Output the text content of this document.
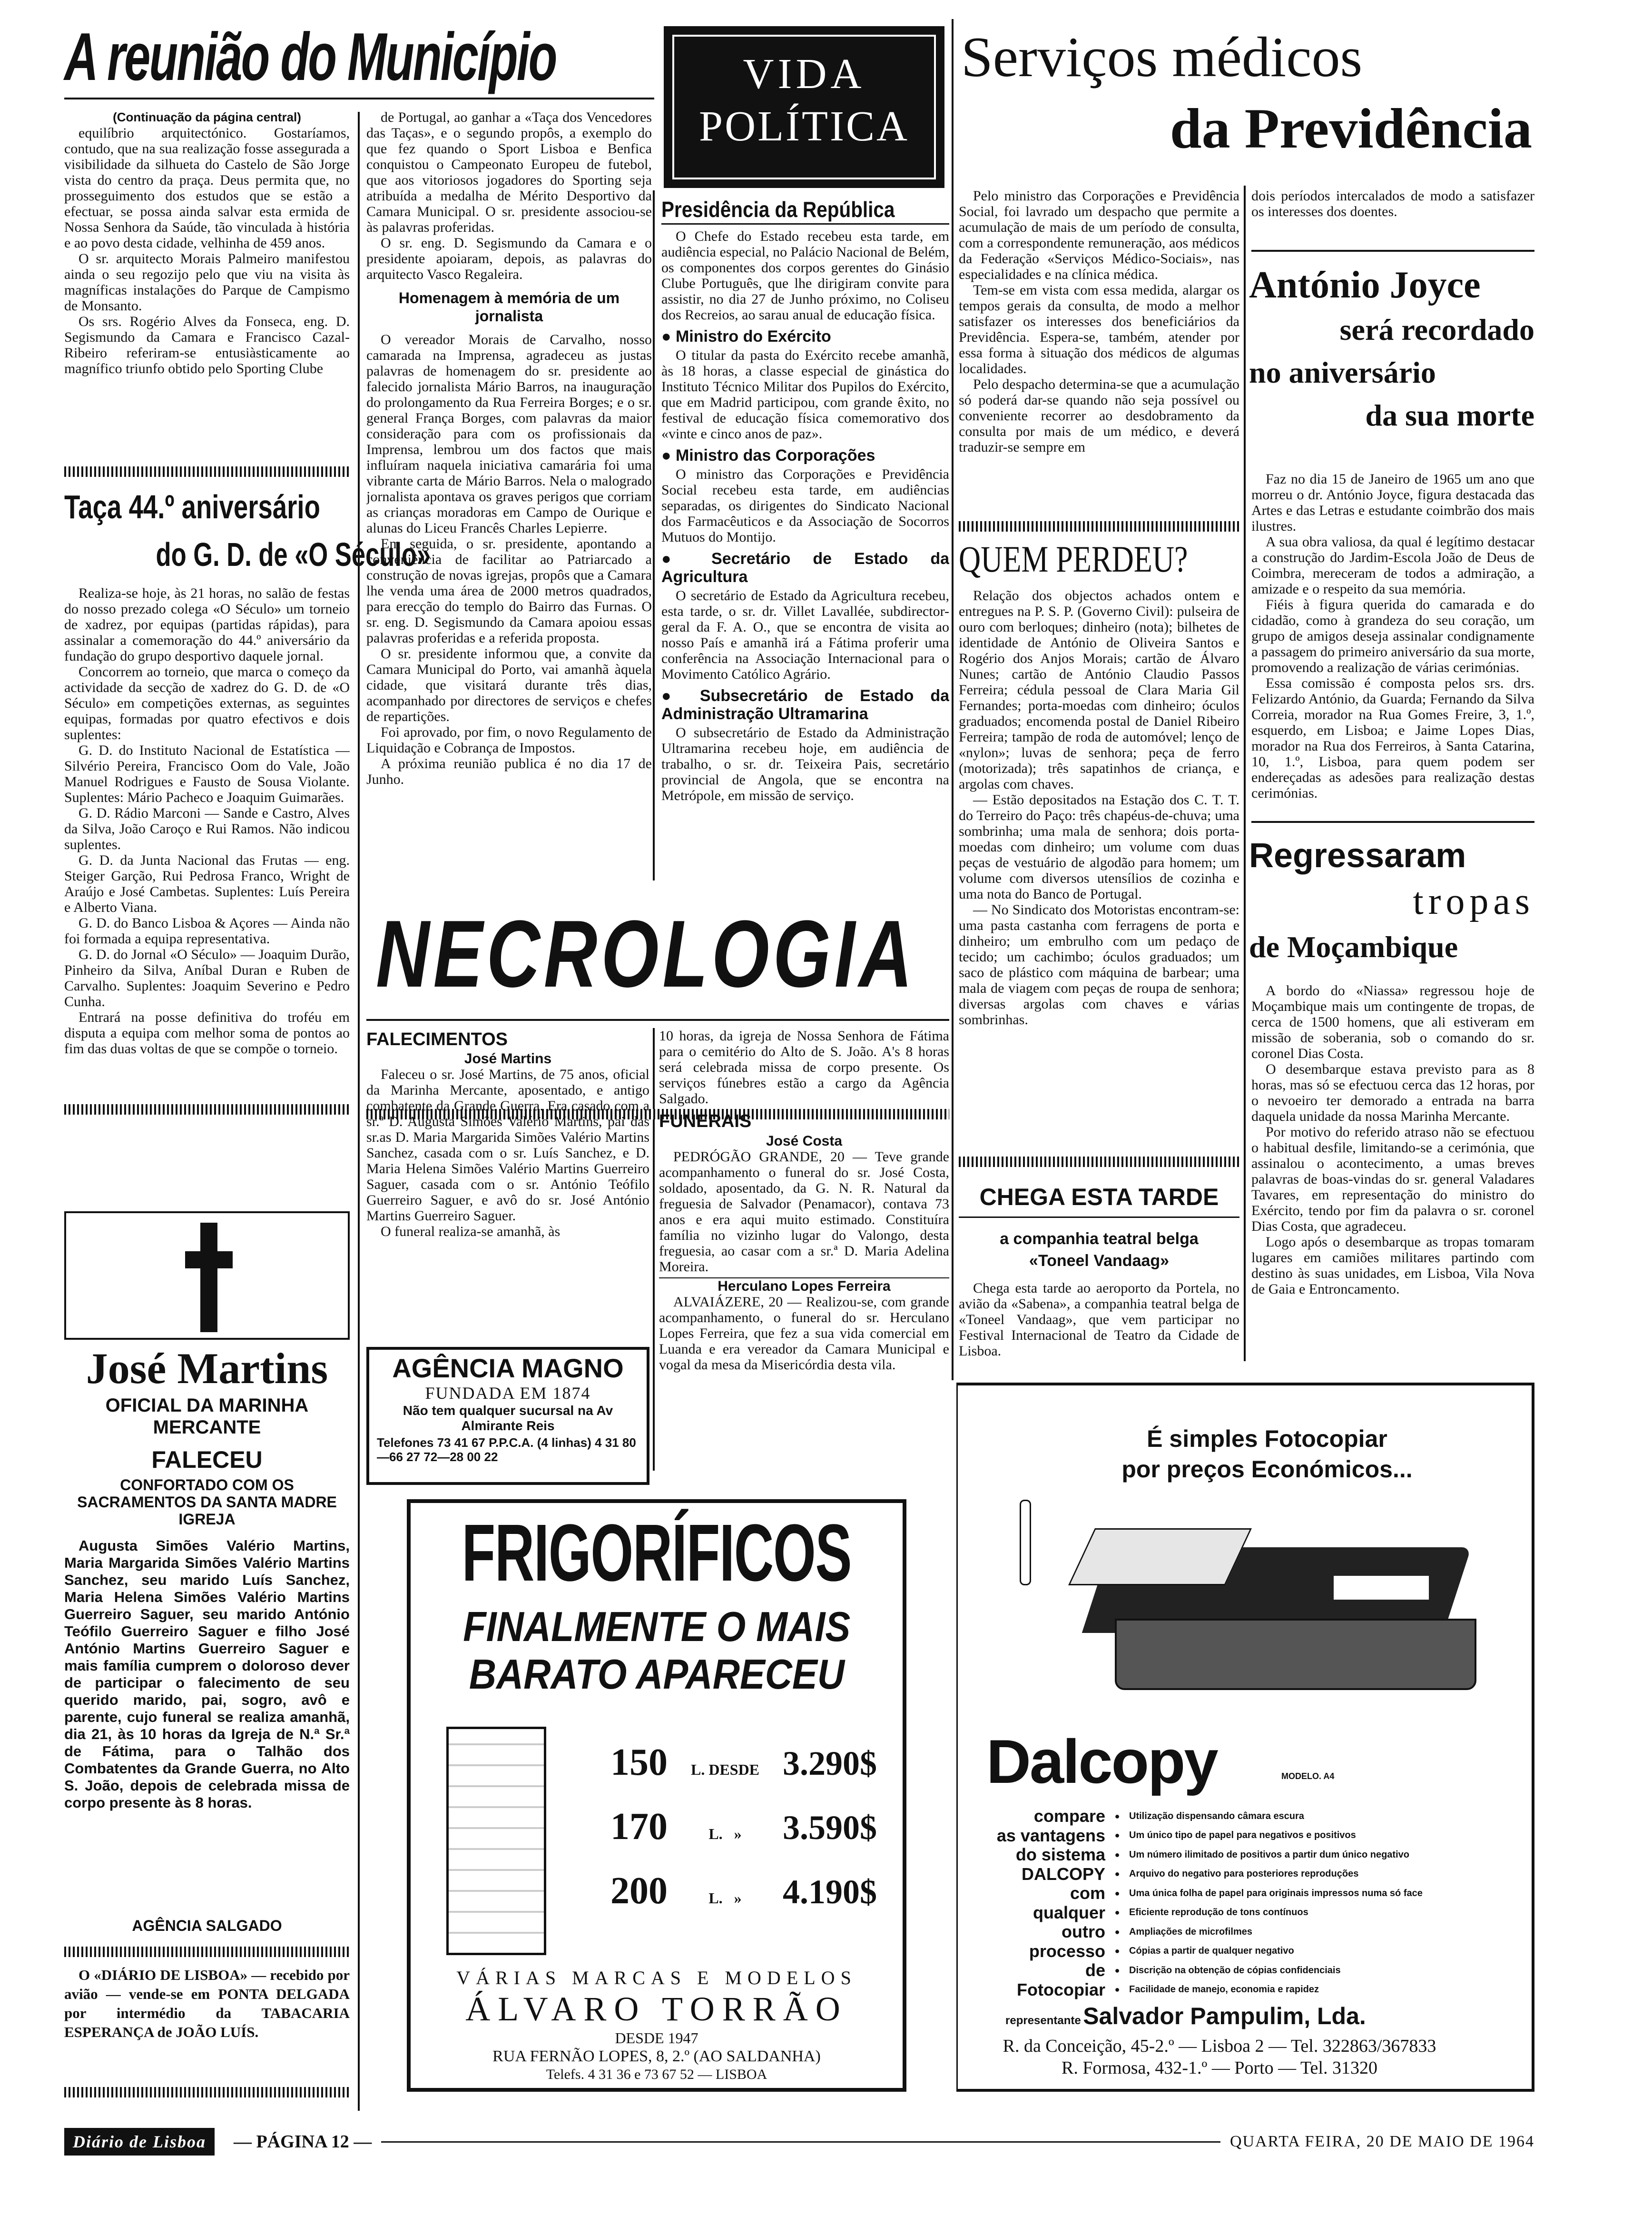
A reunião do Município
(Continuação da página central)

equilíbrio arquitectónico. Gostaríamos, contudo, que na sua realização fosse assegurada a visibilidade da silhueta do Castelo de São Jorge vista do centro da praça. Deus permita que, no prosseguimento dos estudos que se estão a efectuar, se possa ainda salvar esta ermida de Nossa Senhora da Saúde, tão vinculada à história e ao povo desta cidade, velhinha de 459 anos.

O sr. arquitecto Morais Palmeiro manifestou ainda o seu regozijo pelo que viu na visita às magníficas instalações do Parque de Campismo de Monsanto.

Os srs. Rogério Alves da Fonseca, eng. D. Segismundo da Camara e Francisco Cazal-Ribeiro referiram-se entusiàsticamente ao magnífico triunfo obtido pelo Sporting Clube

de Portugal, ao ganhar a «Taça dos Vencedores das Taças», e o segundo propôs, a exemplo do que fez quando o Sport Lisboa e Benfica conquistou o Campeonato Europeu de futebol, que aos vitoriosos jogadores do Sporting seja atribuída a medalha de Mérito Desportivo da Camara Municipal. O sr. presidente associou-se às palavras proferidas.

O sr. eng. D. Segismundo da Camara e o presidente apoiaram, depois, as palavras do arquitecto Vasco Regaleira.

Homenagem à memória de um jornalista

O vereador Morais de Carvalho, nosso camarada na Imprensa, agradeceu as justas palavras de homenagem do sr. presidente ao falecido jornalista Mário Barros, na inauguração do prolongamento da Rua Ferreira Borges; e o sr. general França Borges, com palavras da maior consideração para com os profissionais da Imprensa, lembrou um dos factos que mais influíram naquela iniciativa camarária foi uma vibrante carta de Mário Barros. Nela o malogrado jornalista apontava os graves perigos que corriam as crianças moradoras em Campo de Ourique e alunas do Liceu Francês Charles Lepierre.

Em seguida, o sr. presidente, apontando a conveniência de facilitar ao Patriarcado a construção de novas igrejas, propôs que a Camara lhe venda uma área de 2000 metros quadrados, para erecção do templo do Bairro das Furnas. O sr. eng. D. Segismundo da Camara apoiou essas palavras proferidas e a referida proposta.

O sr. presidente informou que, a convite da Camara Municipal do Porto, vai amanhã àquela cidade, que visitará durante três dias, acompanhado por directores de serviços e chefes de repartições.

Foi aprovado, por fim, o novo Regulamento de Liquidação e Cobrança de Impostos.

A próxima reunião publica é no dia 17 de Junho.

Taça 44.º aniversário
do G. D. de «O Século»

Realiza-se hoje, às 21 horas, no salão de festas do nosso prezado colega «O Século» um torneio de xadrez, por equipas (partidas rápidas), para assinalar a comemoração do 44.º aniversário da fundação do grupo desportivo daquele jornal.

Concorrem ao torneio, que marca o começo da actividade da secção de xadrez do G. D. de «O Século» em competições externas, as seguintes equipas, formadas por quatro efectivos e dois suplentes:

G. D. do Instituto Nacional de Estatística — Silvério Pereira, Francisco Oom do Vale, João Manuel Rodrigues e Fausto de Sousa Violante. Suplentes: Mário Pacheco e Joaquim Guimarães.

G. D. Rádio Marconi — Sande e Castro, Alves da Silva, João Caroço e Rui Ramos. Não indicou suplentes.

G. D. da Junta Nacional das Frutas — eng. Steiger Garção, Rui Pedrosa Franco, Wright de Araújo e José Cambetas. Suplentes: Luís Pereira e Alberto Viana.

G. D. do Banco Lisboa & Açores — Ainda não foi formada a equipa representativa.

G. D. do Jornal «O Século» — Joaquim Durão, Pinheiro da Silva, Aníbal Duran e Ruben de Carvalho. Suplentes: Joaquim Severino e Pedro Cunha.

Entrará na posse definitiva do troféu em disputa a equipa com melhor soma de pontos ao fim das duas voltas de que se compõe o torneio.

José Martins
OFICIAL DA MARINHA MERCANTE
FALECEU
CONFORTADO COM OS SACRAMENTOS DA SANTA MADRE IGREJA
Augusta Simões Valério Martins, Maria Margarida Simões Valério Martins Sanchez, seu marido Luís Sanchez, Maria Helena Simões Valério Martins Guerreiro Saguer, seu marido António Teófilo Guerreiro Saguer e filho José António Martins Guerreiro Saguer e mais família cumprem o doloroso dever de participar o falecimento de seu querido marido, pai, sogro, avô e parente, cujo funeral se realiza amanhã, dia 21, às 10 horas da Igreja de N.ª Sr.ª de Fátima, para o Talhão dos Combatentes da Grande Guerra, no Alto S. João, depois de celebrada missa de corpo presente às 8 horas.
AGÊNCIA SALGADO
O «DIÁRIO DE LISBOA» — recebido por avião — vende-se em PONTA DELGADA por intermédio da TABACARIA ESPERANÇA de JOÃO LUÍS.
VIDA
POLÍTICA
Presidência da República

O Chefe do Estado recebeu esta tarde, em audiência especial, no Palácio Nacional de Belém, os componentes dos corpos gerentes do Ginásio Clube Português, que lhe dirigiram convite para assistir, no dia 27 de Junho próximo, no Coliseu dos Recreios, ao sarau anual de educação física.

● Ministro do Exército

O titular da pasta do Exército recebe amanhã, às 18 horas, a classe especial de ginástica do Instituto Técnico Militar dos Pupilos do Exército, que em Madrid participou, com grande êxito, no festival de educação física comemorativo dos «vinte e cinco anos de paz».

● Ministro das Corporações

O ministro das Corporações e Previdência Social recebeu esta tarde, em audiências separadas, os dirigentes do Sindicato Nacional dos Farmacêuticos e da Associação de Socorros Mutuos do Montijo.

● Secretário de Estado da Agricultura

O secretário de Estado da Agricultura recebeu, esta tarde, o sr. dr. Villet Lavallée, subdirector-geral da F. A. O., que se encontra de visita ao nosso País e amanhã irá a Fátima proferir uma conferência na Associação Internacional para o Movimento Católico Agrário.

● Subsecretário de Estado da Administração Ultramarina

O subsecretário de Estado da Administração Ultramarina recebeu hoje, em audiência de trabalho, o sr. dr. Teixeira Pais, secretário provincial de Angola, que se encontra na Metrópole, em missão de serviço.

NECROLOGIA
FALECIMENTOS
José Martins

Faleceu o sr. José Martins, de 75 anos, oficial da Marinha Mercante, aposentado, e antigo combatente da Grande Guerra. Era casado com a sr.ª D. Augusta Simões Valério Martins, pai das sr.as D. Maria Margarida Simões Valério Martins Sanchez, casada com o sr. Luís Sanchez, e D. Maria Helena Simões Valério Martins Guerreiro Saguer, casada com o sr. António Teófilo Guerreiro Saguer, e avô do sr. José António Martins Guerreiro Saguer.

O funeral realiza-se amanhã, às

10 horas, da igreja de Nossa Senhora de Fátima para o cemitério do Alto de S. João. A's 8 horas será celebrada missa de corpo presente. Os serviços fúnebres estão a cargo da Agência Salgado.
FUNERAIS
José Costa

PEDRÓGÃO GRANDE, 20 — Teve grande acompanhamento o funeral do sr. José Costa, soldado, aposentado, da G. N. R. Natural da freguesia de Salvador (Penamacor), contava 73 anos e era aqui muito estimado. Constituíra família no vizinho lugar do Valongo, desta freguesia, ao casar com a sr.ª D. Maria Adelina Moreira.

Herculano Lopes Ferreira

ALVAIÁZERE, 20 — Realizou-se, com grande acompanhamento, o funeral do sr. Herculano Lopes Ferreira, que fez a sua vida comercial em Luanda e era vereador da Camara Municipal e vogal da mesa da Misericórdia desta vila.

AGÊNCIA MAGNO
FUNDADA EM 1874
Não tem qualquer sucursal na Av Almirante Reis
Telefones 73 41 67 P.P.C.A. (4 linhas) 4 31 80—66 27 72—28 00 22
FRIGORÍFICOS
FINALMENTE O MAIS
BARATO APARECEU
150 L. DESDE 3.290$
170	L.   » 3.590$
200	L.   » 4.190$
VÁRIAS MARCAS E MODELOS
ÁLVARO TORRÃO
DESDE 1947
RUA FERNÃO LOPES, 8, 2.º (AO SALDANHA)
Telefs. 4 31 36 e 73 67 52 — LISBOA
Serviços médicos
da Previdência

Pelo ministro das Corporações e Previdência Social, foi lavrado um despacho que permite a acumulação de mais de um período de consulta, com a correspondente remuneração, aos médicos da Federação «Serviços Médico-Sociais», nas especialidades e na clínica médica.

Tem-se em vista com essa medida, alargar os tempos gerais da consulta, de modo a melhor satisfazer os interesses dos beneficiários da Previdência. Espera-se, também, atender por essa forma à situação dos médicos de algumas localidades.

Pelo despacho determina-se que a acumulação só poderá dar-se quando não seja possível ou conveniente recorrer ao desdobramento da consulta por mais de um médico, e deverá traduzir-se sempre em

dois períodos intercalados de modo a satisfazer os interesses dos doentes.
António Joyce
será recordado
no aniversário
da sua morte

Faz no dia 15 de Janeiro de 1965 um ano que morreu o dr. António Joyce, figura destacada das Artes e das Letras e estudante coimbrão dos mais ilustres.

A sua obra valiosa, da qual é legítimo destacar a construção do Jardim-Escola João de Deus de Coimbra, mereceram de todos a admiração, a amizade e o respeito da sua memória.

Fiéis à figura querida do camarada e do cidadão, como à grandeza do seu coração, um grupo de amigos deseja assinalar condignamente a passagem do primeiro aniversário da sua morte, promovendo a realização de várias cerimónias.

Essa comissão é composta pelos srs. drs. Felizardo António, da Guarda; Fernando da Silva Correia, morador na Rua Gomes Freire, 3, 1.º, esquerdo, em Lisboa; e Jaime Lopes Dias, morador na Rua dos Ferreiros, à Santa Catarina, 10, 1.º, Lisboa, para quem podem ser endereçadas as adesões para realização destas cerimónias.

QUEM PERDEU?

Relação dos objectos achados ontem e entregues na P. S. P. (Governo Civil): pulseira de ouro com berloques; dinheiro (nota); bilhetes de identidade de António de Oliveira Santos e Rogério dos Anjos Morais; cartão de Álvaro Nunes; cartão de António Claudio Passos Ferreira; cédula pessoal de Clara Maria Gil Fernandes; porta-moedas com dinheiro; óculos graduados; encomenda postal de Daniel Ribeiro Ferreira; tampão de roda de automóvel; lenço de «nylon»; luvas de senhora; peça de ferro (motorizada); três sapatinhos de criança, e argolas com chaves.

— Estão depositados na Estação dos C. T. T. do Terreiro do Paço: três chapéus-de-chuva; uma sombrinha; uma mala de senhora; dois porta-moedas com dinheiro; um volume com duas peças de vestuário de algodão para homem; um volume com diversos utensílios de cozinha e uma nota do Banco de Portugal.

— No Sindicato dos Motoristas encontram-se: uma pasta castanha com ferragens de porta e dinheiro; um embrulho com um pedaço de tecido; um cachimbo; óculos graduados; um saco de plástico com máquina de barbear; uma mala de viagem com peças de roupa de senhora; diversas argolas com chaves e várias sombrinhas.

Regressaram
tropas
de Moçambique

A bordo do «Niassa» regressou hoje de Moçambique mais um contingente de tropas, de cerca de 1500 homens, que ali estiveram em missão de soberania, sob o comando do sr. coronel Dias Costa.

O desembarque estava previsto para as 8 horas, mas só se efectuou cerca das 12 horas, por o nevoeiro ter demorado a entrada na barra daquela unidade da nossa Marinha Mercante.

Por motivo do referido atraso não se efectuou o habitual desfile, limitando-se a cerimónia, que assinalou o acontecimento, a umas breves palavras de boas-vindas do sr. general Valadares Tavares, em representação do ministro do Exército, tendo por fim da palavra o sr. coronel Dias Costa, que agradeceu.

Logo após o desembarque as tropas tomaram lugares em camiões militares partindo com destino às suas unidades, em Lisboa, Vila Nova de Gaia e Entroncamento.

CHEGA ESTA TARDE
a companhia teatral belga
«Toneel Vandaag»
Chega esta tarde ao aeroporto da Portela, no avião da «Sabena», a companhia teatral belga de «Toneel Vandaag», que vem participar no Festival Internacional de Teatro da Cidade de Lisboa.
É simples Fotocopiar
por preços Económicos...
Dalcopy	MODELO. A4
compare	● Utilização dispensando câmara escura
as vantagens	● Um único tipo de papel para negativos e positivos
do sistema	● Um número ilimitado de positivos a partir dum único negativo
DALCOPY	● Arquivo do negativo para posteriores reproduções
com	● Uma única folha de papel para originais impressos numa só face
qualquer	● Eficiente reprodução de tons contínuos
outro	● Ampliações de microfilmes
processo	● Cópias a partir de qualquer negativo
de	● Discrição na obtenção de cópias confidenciais
Fotocopiar	● Facilidade de manejo, economia e rapidez
representante Salvador Pampulim, Lda.
R. da Conceição, 45-2.º — Lisboa 2 — Tel. 322863/367833
R. Formosa, 432-1.º — Porto — Tel. 31320
Diário de Lisboa	— PÁGINA 12 —	QUARTA FEIRA, 20 DE MAIO DE 1964
